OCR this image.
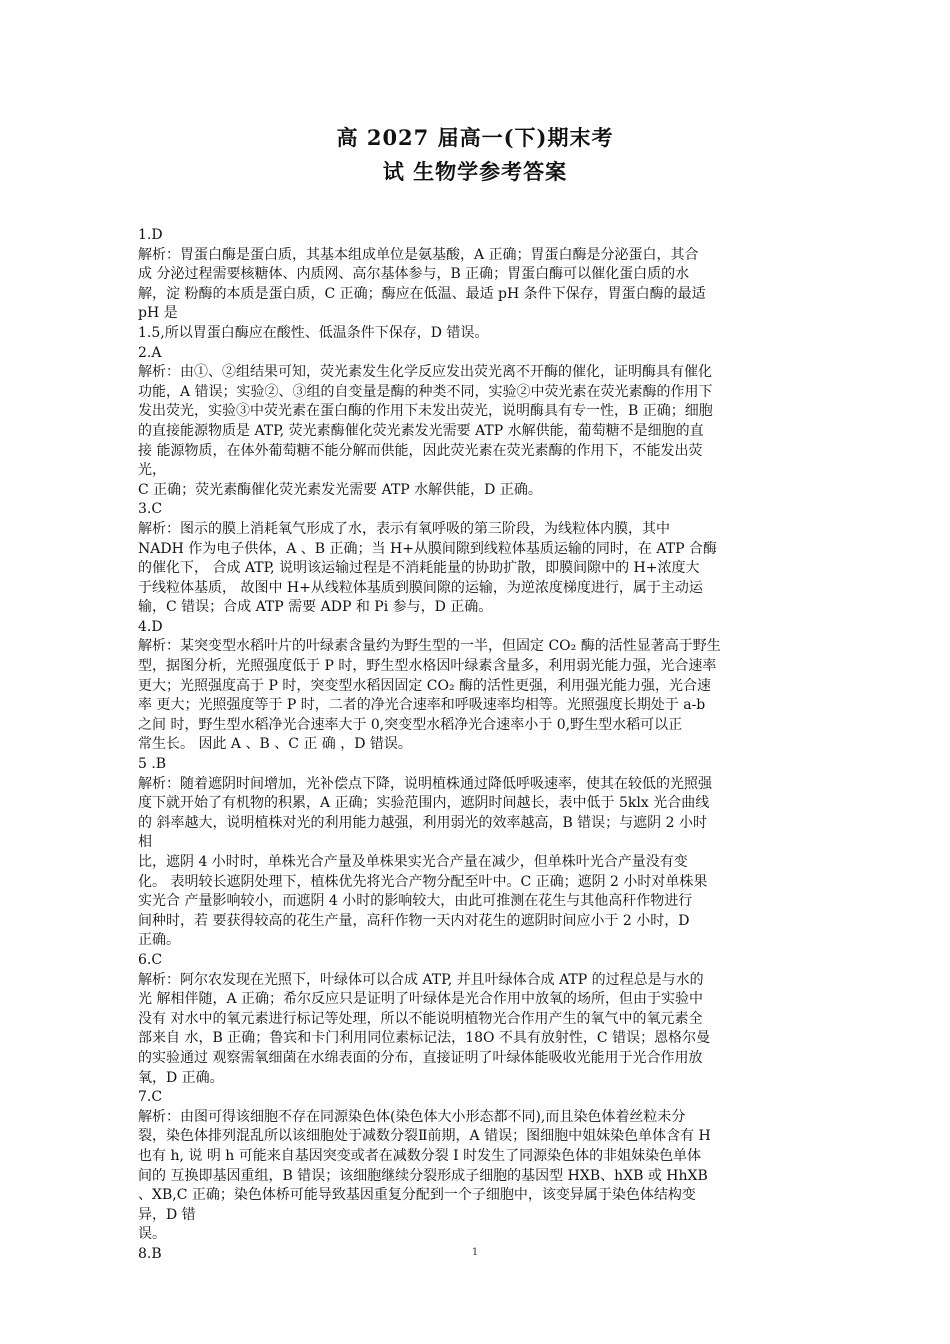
高 2027 届高一(下)期末考
试 生物学参考答案
1.D
解析：胃蛋白酶是蛋白质，其基本组成单位是氨基酸，A 正确；胃蛋白酶是分泌蛋白，其合
成 分泌过程需要核糖体、内质网、高尔基体参与，B 正确；胃蛋白酶可以催化蛋白质的水
解，淀 粉酶的本质是蛋白质，C 正确；酶应在低温、最适 pH 条件下保存，胃蛋白酶的最适
pH 是
1.5,所以胃蛋白酶应在酸性、低温条件下保存，D 错误。
2.A
解析：由①、②组结果可知，荧光素发生化学反应发出荧光离不开酶的催化，证明酶具有催化
功能，A 错误；实验②、③组的自变量是酶的种类不同，实验②中荧光素在荧光素酶的作用下
发出荧光，实验③中荧光素在蛋白酶的作用下未发出荧光，说明酶具有专一性，B 正确；细胞
的直接能源物质是 ATP, 荧光素酶催化荧光素发光需要 ATP 水解供能，葡萄糖不是细胞的直
接 能源物质，在体外葡萄糖不能分解而供能，因此荧光素在荧光素酶的作用下，不能发出荧
光，
C 正确；荧光素酶催化荧光素发光需要 ATP 水解供能，D 正确。
3.C
解析：图示的膜上消耗氧气形成了水，表示有氧呼吸的第三阶段，为线粒体内膜，其中
NADH 作为电子供体，A 、B 正确；当 H+从膜间隙到线粒体基质运输的同时，在 ATP 合酶
的催化下， 合成 ATP, 说明该运输过程是不消耗能量的协助扩散，即膜间隙中的 H+浓度大
于线粒体基质， 故图中 H+从线粒体基质到膜间隙的运输，为逆浓度梯度进行，属于主动运
输，C 错误；合成 ATP 需要 ADP 和 Pi 参与，D 正确。
4.D
解析：某突变型水稻叶片的叶绿素含量约为野生型的一半，但固定 CO₂ 酶的活性显著高于野生
型，据图分析，光照强度低于 P 时，野生型水格因叶绿素含量多，利用弱光能力强，光合速率
更大；光照强度高于 P 时，突变型水稻因固定 CO₂ 酶的活性更强，利用强光能力强，光合速
率 更大；光照强度等于 P 时，二者的净光合速率和呼吸速率均相等。光照强度长期处于 a-b
之间 时，野生型水稻净光合速率大于 0,突变型水稻净光合速率小于 0,野生型水稻可以正
常生长。 因此 A 、B 、C 正 确 ，D 错误。
5 .B
解析：随着遮阴时间增加，光补偿点下降，说明植株通过降低呼吸速率，使其在较低的光照强
度下就开始了有机物的积累，A 正确；实验范围内，遮阴时间越长，表中低于 5klx 光合曲线
的 斜率越大，说明植株对光的利用能力越强，利用弱光的效率越高，B 错误；与遮阴 2 小时
相
比，遮阴 4 小时时，单株光合产量及单株果实光合产量在减少，但单株叶光合产量没有变
化。 表明较长遮阴处理下，植株优先将光合产物分配至叶中。C 正确；遮阴 2 小时对单株果
实光合 产量影响较小，而遮阴 4 小时的影响较大，由此可推测在花生与其他高秆作物进行
间种时，若 要获得较高的花生产量，高秆作物一天内对花生的遮阴时间应小于 2 小时，D
正确。
6.C
解析：阿尔农发现在光照下，叶绿体可以合成 ATP, 并且叶绿体合成 ATP 的过程总是与水的
光 解相伴随，A 正确；希尔反应只是证明了叶绿体是光合作用中放氧的场所，但由于实验中
没有 对水中的氧元素进行标记等处理，所以不能说明植物光合作用产生的氧气中的氧元素全
部来自 水，B 正确；鲁宾和卡门利用同位素标记法，18O 不具有放射性，C 错误；恩格尔曼
的实验通过 观察需氧细菌在水绵表面的分布，直接证明了叶绿体能吸收光能用于光合作用放
氧，D 正确。
7.C
解析：由图可得该细胞不存在同源染色体(染色体大小形态都不同),而且染色体着丝粒未分
裂，染色体排列混乱所以该细胞处于减数分裂Ⅱ前期，A 错误；图细胞中姐妹染色单体含有 H
也有 h, 说 明 h 可能来自基因突变或者在减数分裂 I 时发生了同源染色体的非姐妹染色单体
间的 互换即基因重组，B 错误；该细胞继续分裂形成子细胞的基因型 HXB、hXB 或 HhXB
、XB,C 正确；染色体桥可能导致基因重复分配到一个子细胞中，该变异属于染色体结构变
异，D 错
误。
8.B	1
